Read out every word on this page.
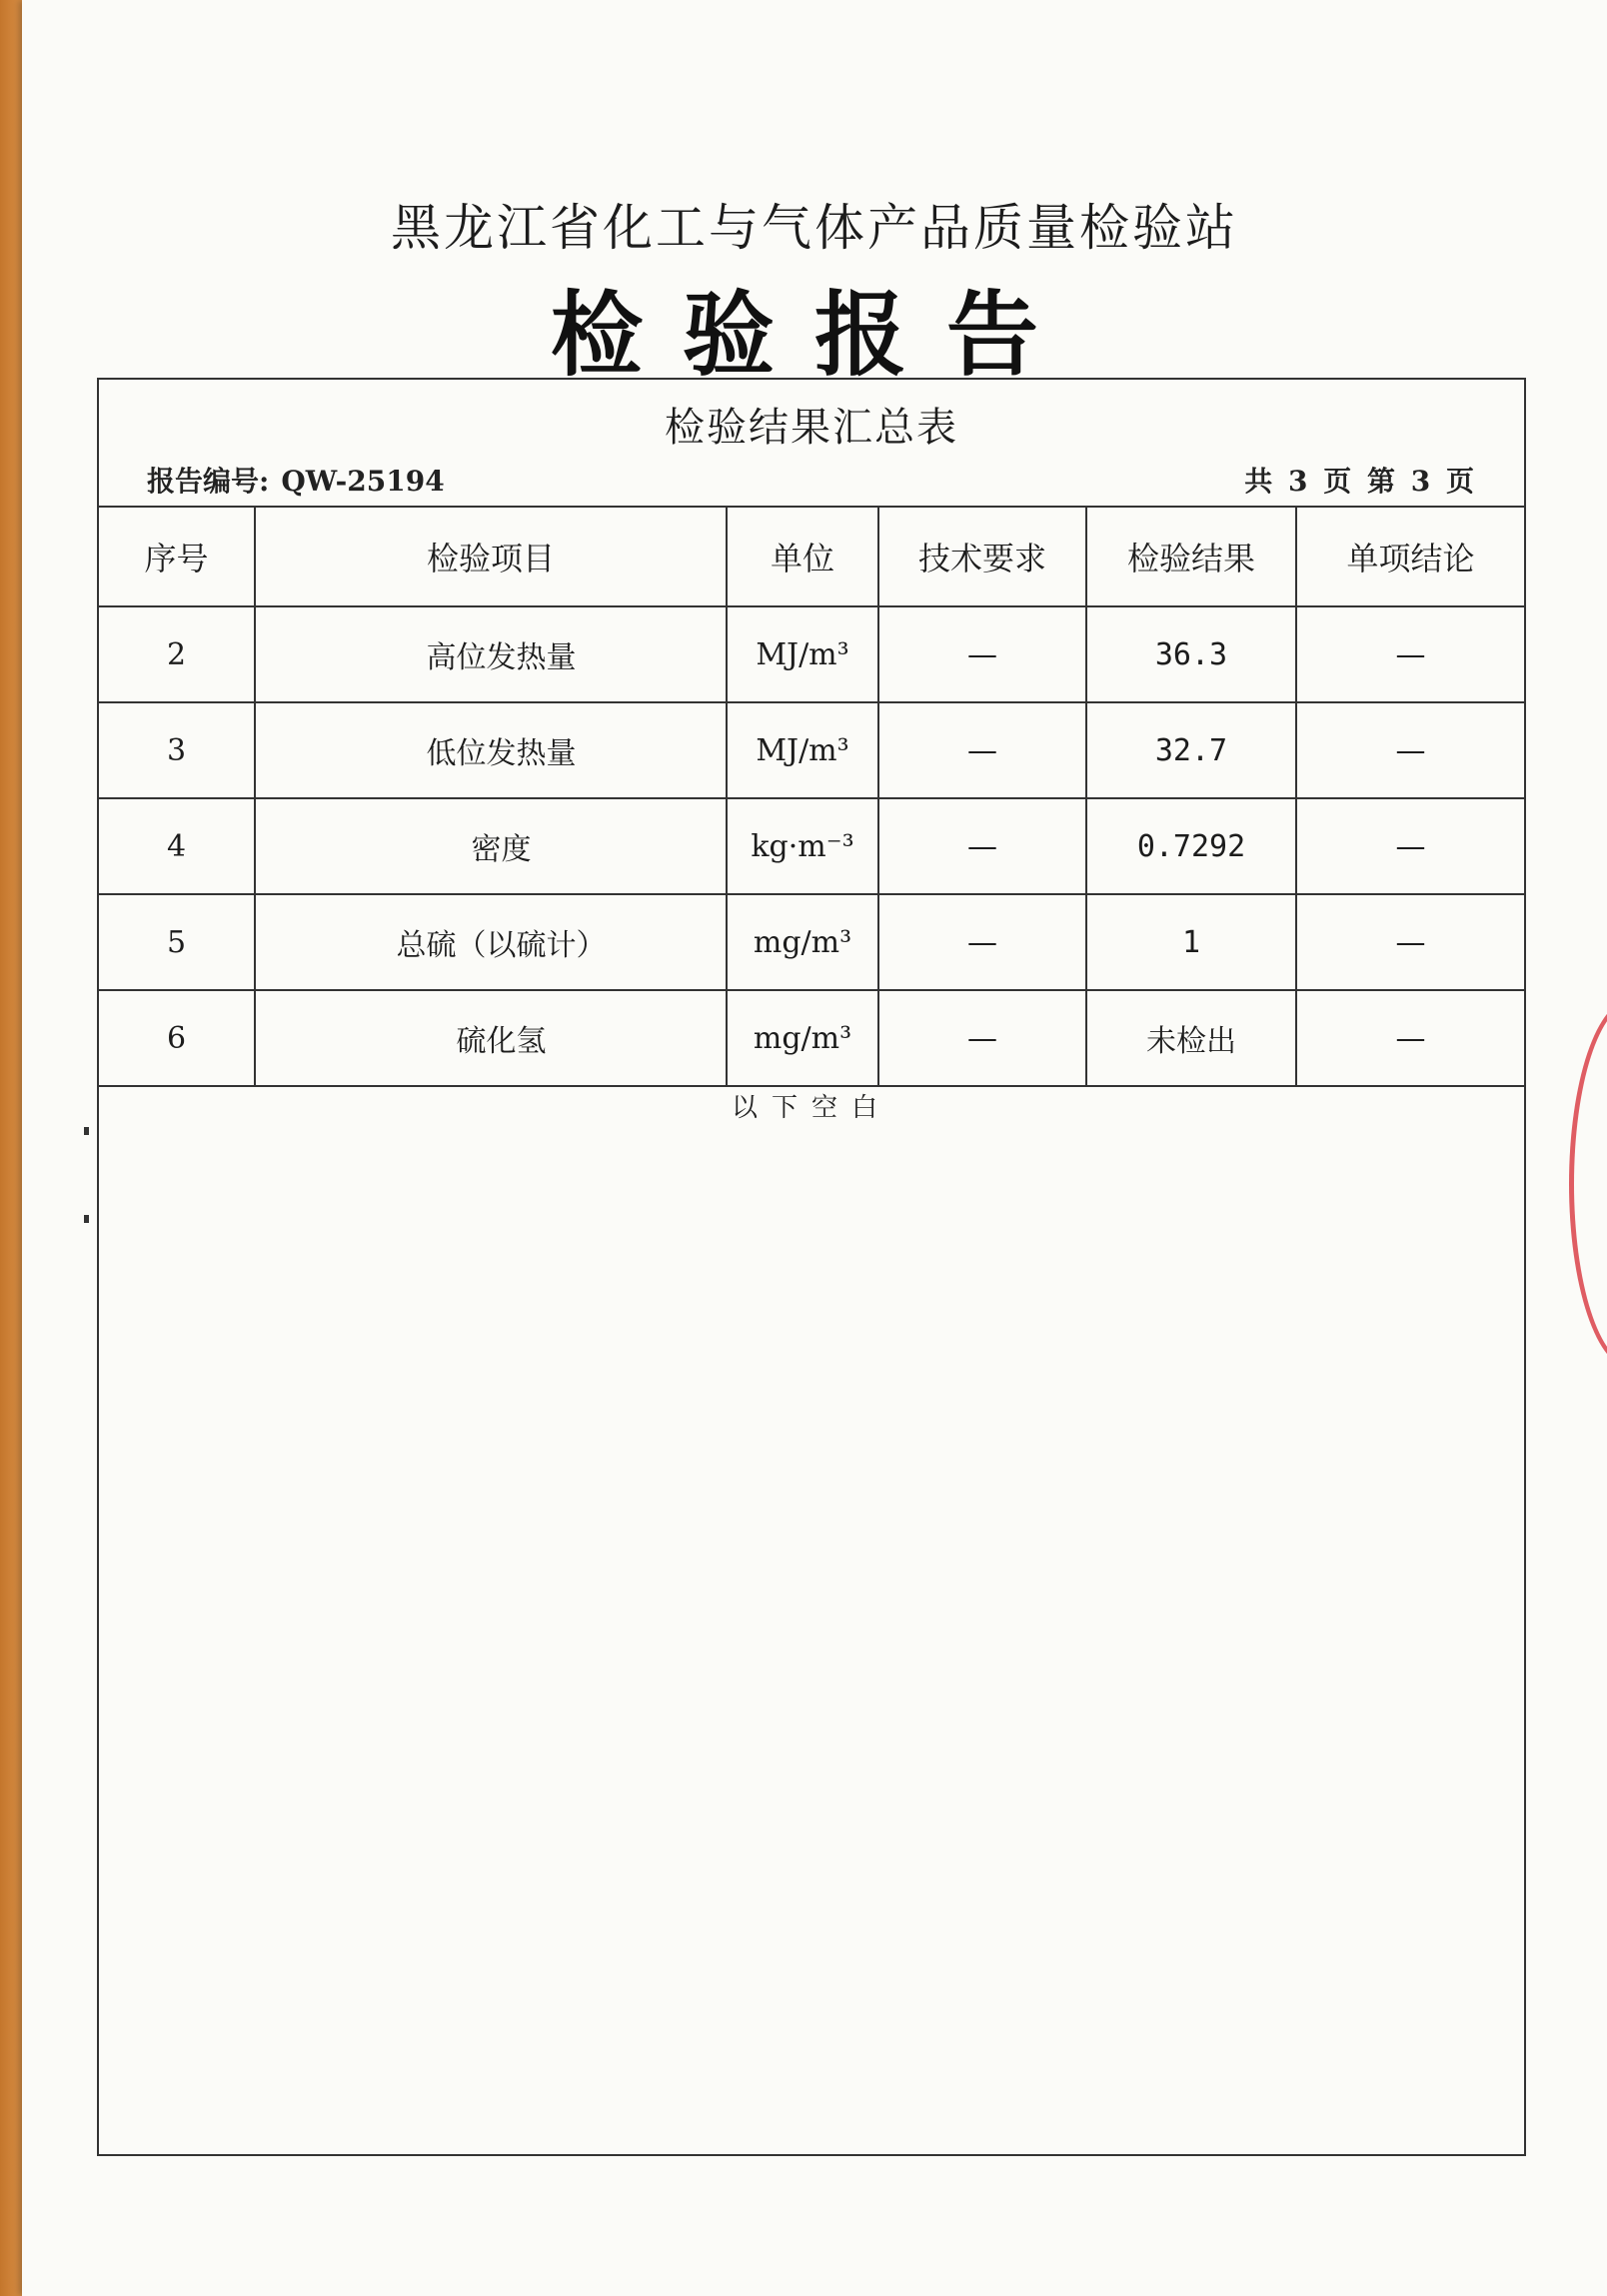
黑龙江省化工与气体产品质量检验站
检验报告
检验结果汇总表
报告编号: QW-25194	共 3 页 第 3 页
序号	检验项目	单位	技术要求	检验结果	单项结论
2	高位发热量	MJ/m³	—	36.3	—
3	低位发热量	MJ/m³	—	32.7	—
4	密度	kg·m⁻³	—	0.7292	—
5	总硫（以硫计）	mg/m³	—	1	—
6	硫化氢	mg/m³	—	未检出	—
以下空白
